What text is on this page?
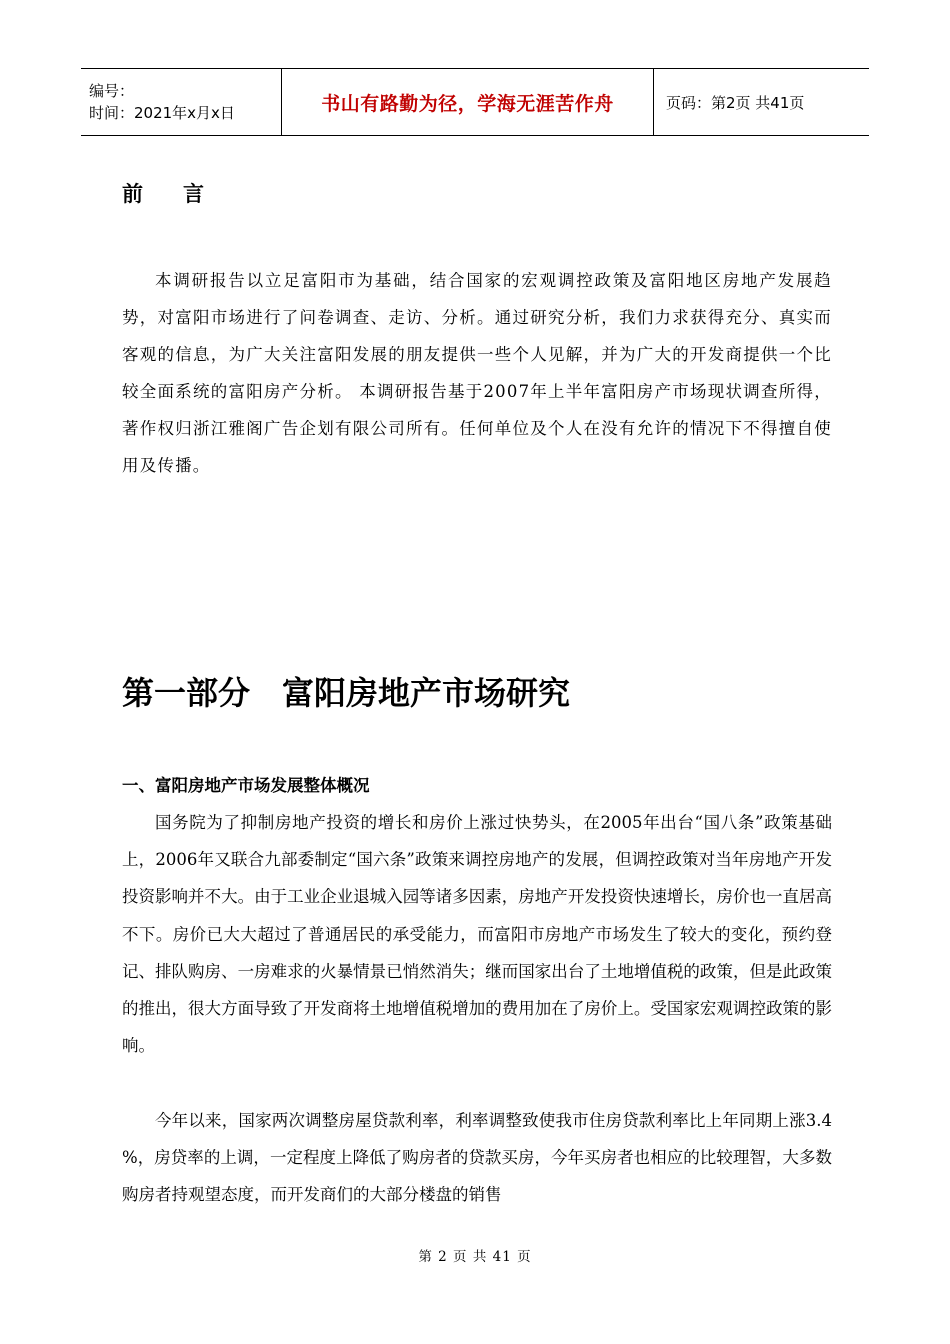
编号：
时间：2021年x月x日	书山有路勤为径，学海无涯苦作舟	页码：第2页 共41页
前言

本调研报告以立足富阳市为基础，结合国家的宏观调控政策及富阳地区房地产发展趋势，对富阳市场进行了问卷调查、走访、分析。通过研究分析，我们力求获得充分、真实而客观的信息，为广大关注富阳发展的朋友提供一些个人见解，并为广大的开发商提供一个比较全面系统的富阳房产分析。 本调研报告基于2007年上半年富阳房产市场现状调查所得，著作权归浙江雅阁广告企划有限公司所有。任何单位及个人在没有允许的情况下不得擅自使用及传播。

第一部分　富阳房地产市场研究
一、富阳房地产市场发展整体概况

国务院为了抑制房地产投资的增长和房价上涨过快势头，在2005年出台“国八条”政策基础上，2006年又联合九部委制定“国六条”政策来调控房地产的发展，但调控政策对当年房地产开发投资影响并不大。由于工业企业退城入园等诸多因素，房地产开发投资快速增长，房价也一直居高不下。房价已大大超过了普通居民的承受能力，而富阳市房地产市场发生了较大的变化，预约登记、排队购房、一房难求的火暴情景已悄然消失；继而国家出台了土地增值税的政策，但是此政策的推出，很大方面导致了开发商将土地增值税增加的费用加在了房价上。受国家宏观调控政策的影响。

今年以来，国家两次调整房屋贷款利率，利率调整致使我市住房贷款利率比上年同期上涨3.4 %，房贷率的上调，一定程度上降低了购房者的贷款买房，今年买房者也相应的比较理智，大多数购房者持观望态度，而开发商们的大部分楼盘的销售

第 2 页 共 41 页
